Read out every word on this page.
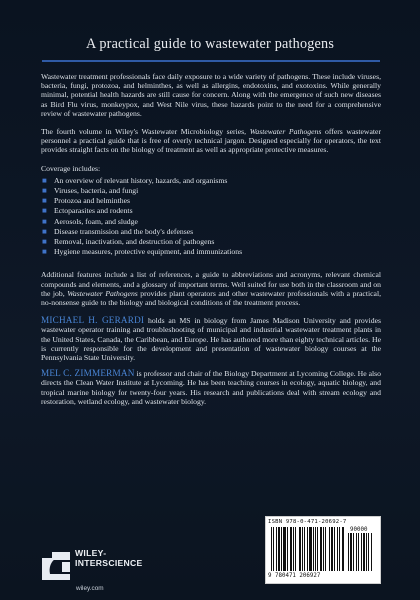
A practical guide to wastewater pathogens

Wastewater treatment professionals face daily exposure to a wide variety of pathogens. These include viruses, bacteria, fungi, protozoa, and helminthes, as well as allergins, endotoxins, and exotoxins. While generally minimal, potential health hazards are still cause for concern. Along with the emergence of such new diseases as Bird Flu virus, monkeypox, and West Nile virus, these hazards point to the need for a comprehensive review of wastewater pathogens.

The fourth volume in Wiley's Wastewater Microbiology series, Wastewater Pathogens offers wastewater personnel a practical guide that is free of overly technical jargon. Designed especially for operators, the text provides straight facts on the biology of treatment as well as appropriate protective measures.

Coverage includes:

■ An overview of relevant history, hazards, and organisms
■ Viruses, bacteria, and fungi
■ Protozoa and helminthes
■ Ectoparasites and rodents
■ Aerosols, foam, and sludge
■ Disease transmission and the body's defenses
■ Removal, inactivation, and destruction of pathogens
■ Hygiene measures, protective equipment, and immunizations

Additional features include a list of references, a guide to abbreviations and acronyms, relevant chemical compounds and elements, and a glossary of important terms. Well suited for use both in the classroom and on the job, Wastewater Pathogens provides plant operators and other wastewater professionals with a practical, no-nonsense guide to the biology and biological conditions of the treatment process.

MICHAEL H. GERARDI holds an MS in biology from James Madison University and provides wastewater operator training and troubleshooting of municipal and industrial wastewater treatment plants in the United States, Canada, the Caribbean, and Europe. He has authored more than eighty technical articles. He is currently responsible for the development and presentation of wastewater biology courses at the Pennsylvania State University.

MEL C. ZIMMERMAN is professor and chair of the Biology Department at Lycoming College. He also directs the Clean Water Institute at Lycoming. He has been teaching courses in ecology, aquatic biology, and tropical marine biology for twenty-four years. His research and publications deal with stream ecology and restoration, wetland ecology, and wastewater biology.

WILEY-
INTERSCIENCE
wiley.com
ISBN 978-0-471-20692-7
90000
9 780471 206927
